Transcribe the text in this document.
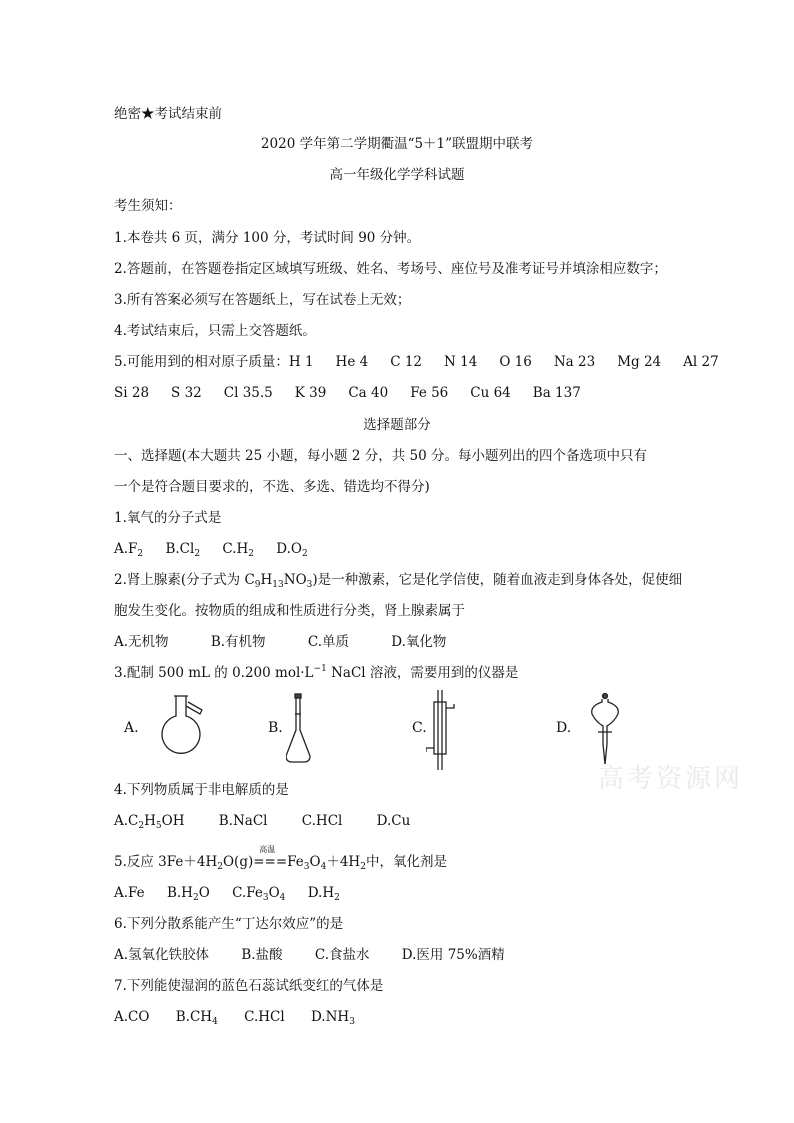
绝密★考试结束前
2020 学年第二学期衢温“5＋1”联盟期中联考
高一年级化学学科试题
考生须知：
1.本卷共 6 页，满分 100 分，考试时间 90 分钟。
2.答题前，在答题卷指定区域填写班级、姓名、考场号、座位号及准考证号并填涂相应数字；
3.所有答案必须写在答题纸上，写在试卷上无效；
4.考试结束后，只需上交答题纸。
5.可能用到的相对原子质量：H 1 He 4 C 12 N 14 O 16 Na 23 Mg 24 Al 27
Si 28 S 32 Cl 35.5 K 39 Ca 40 Fe 56 Cu 64 Ba 137
选择题部分
一、选择题(本大题共 25 小题，每小题 2 分，共 50 分。每小题列出的四个备选项中只有
一个是符合题目要求的，不选、多选、错选均不得分)
1.氧气的分子式是
$A.F_2$ $B.Cl_2$ $C.H_2$ $D.O_2$
2.肾上腺素(分子式为 $C_9H_{13}NO_3$)是一种激素，它是化学信使，随着血液走到身体各处，促使细
胞发生变化。按物质的组成和性质进行分类，肾上腺素属于
A.无机物	B.有机物	C.单质	D.氧化物
3.配制 500 mL 的 0.200 $mol\cdot L^{-1}$ NaCl 溶液，需要用到的仪器是
A.	B.	C.	D.
4.下列物质属于非电解质的是
$A.C_2H_5OH$	B.NaCl	C.HCl	D.Cu
5.反应 $3Fe+4H_2O(g)$
高温
$===Fe_3O_4+4H_2$中，氧化剂是
A.Fe $B.H_2O$ $C.Fe_3O_4$ $D.H_2$
6.下列分散系能产生“丁达尔效应”的是
A.氢氧化铁胶体 B.盐酸 C.食盐水 D.医用 75%酒精
7.下列能使湿润的蓝色石蕊试纸变红的气体是
A.CO $B.CH_4$ C.HCl $D.NH_3$
高考资源网
